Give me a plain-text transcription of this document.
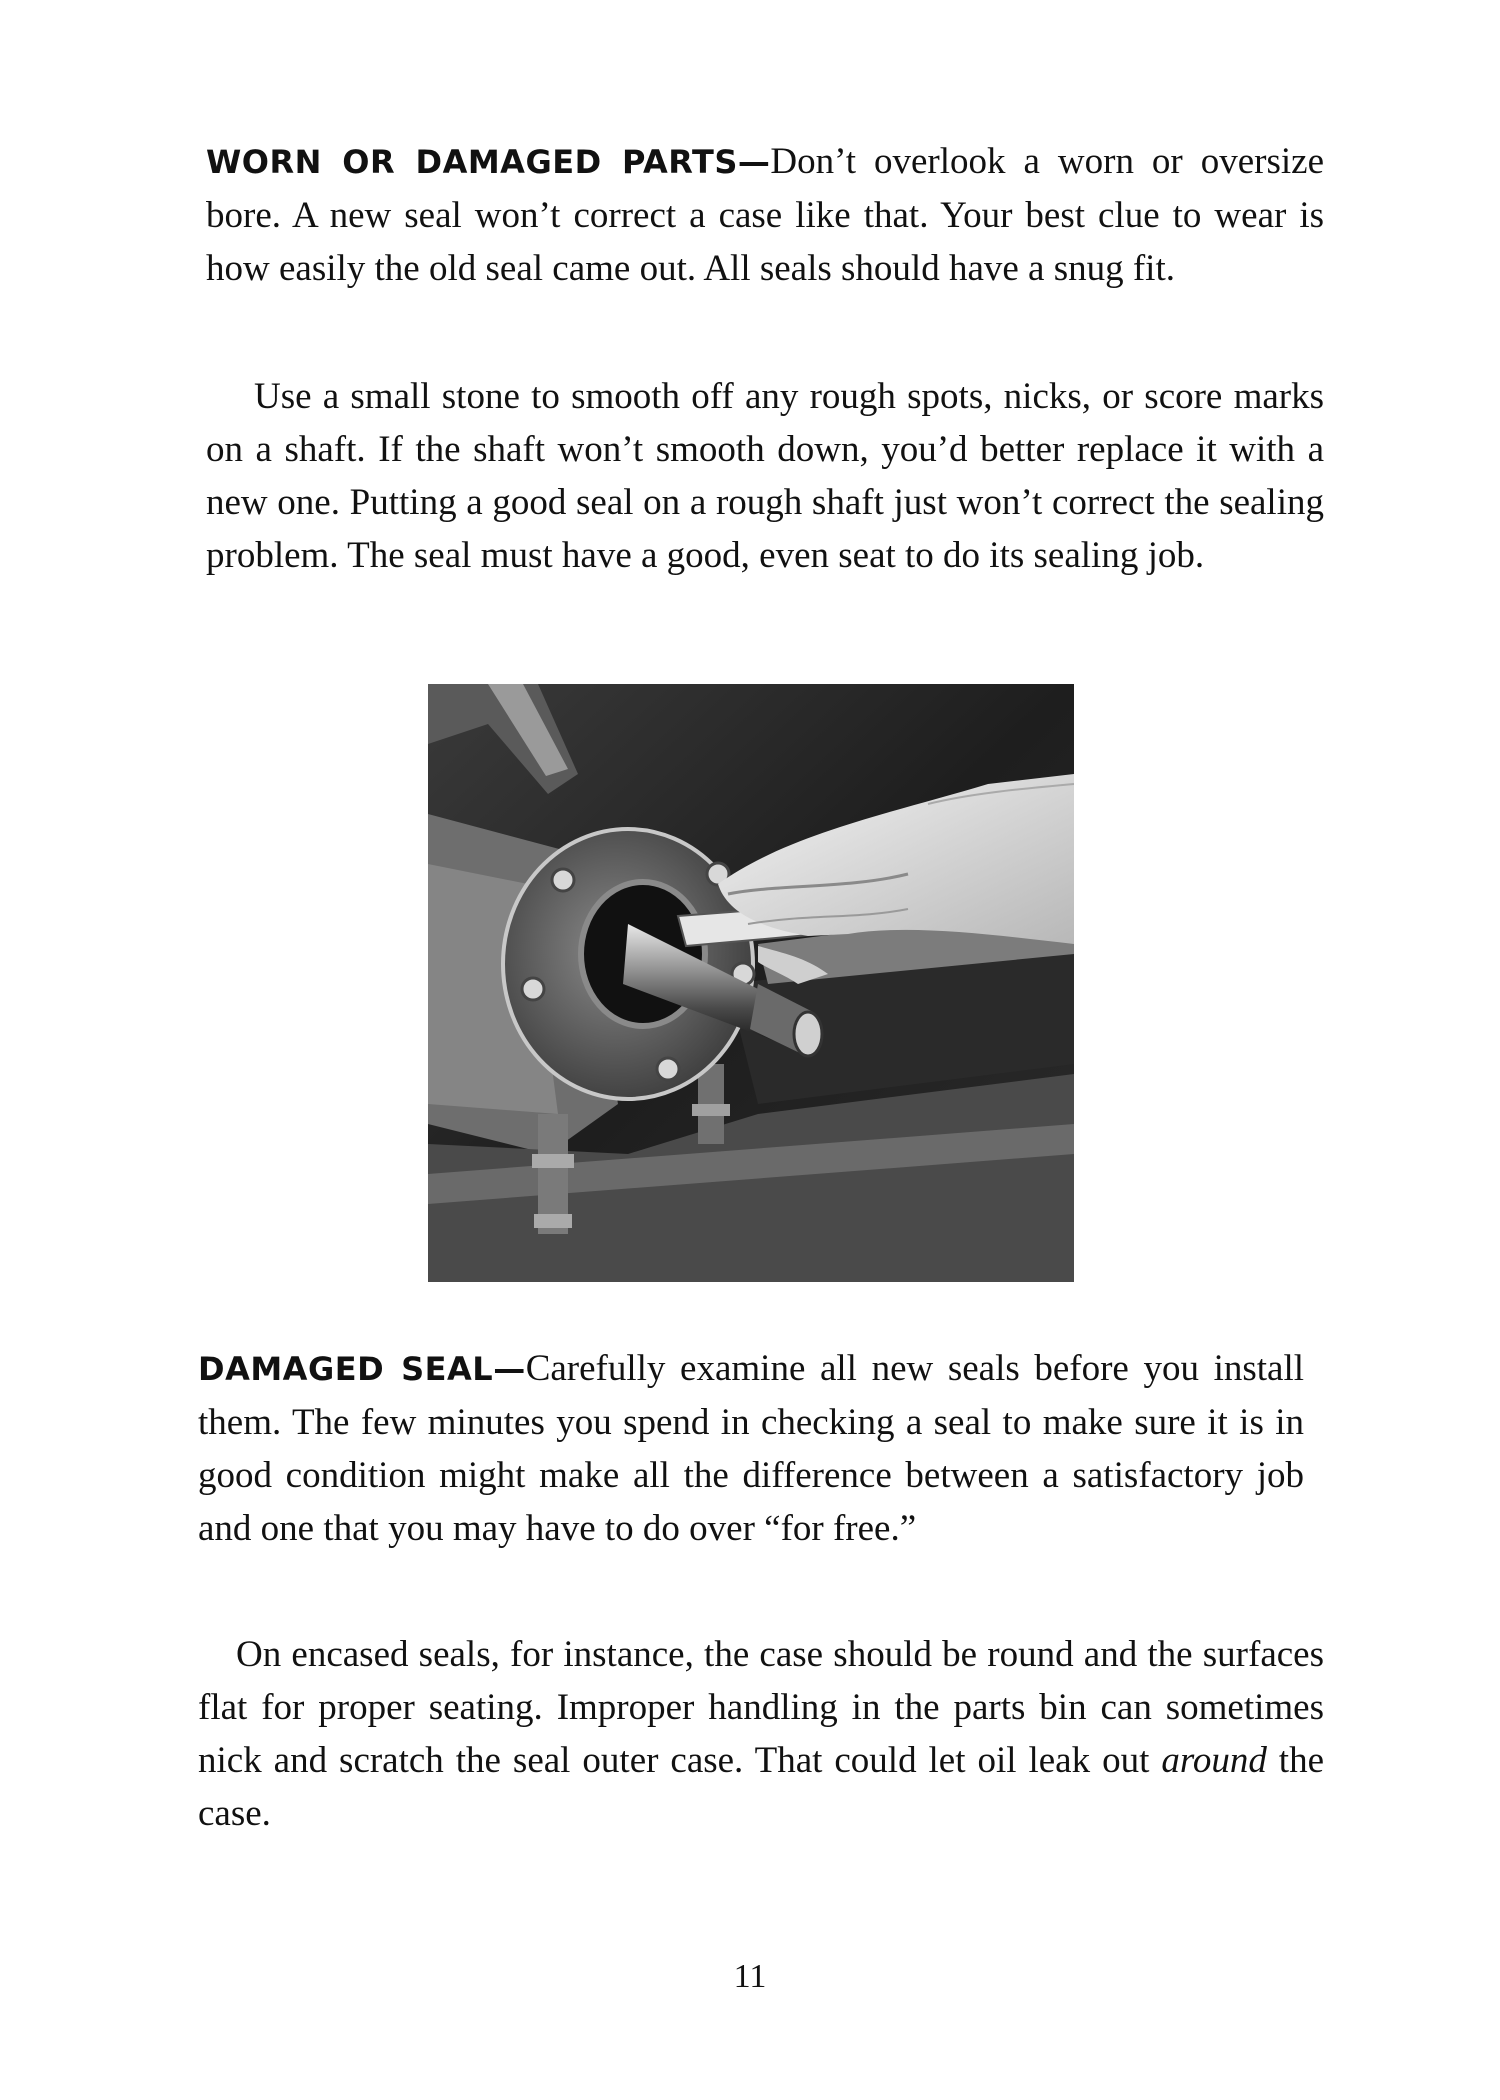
WORN OR DAMAGED PARTS—Don’t overlook a worn or oversize bore. A new seal won’t correct a case like that. Your best clue to wear is how easily the old seal came out. All seals should have a snug fit.

Use a small stone to smooth off any rough spots, nicks, or score marks on a shaft. If the shaft won’t smooth down, you’d better replace it with a new one. Putting a good seal on a rough shaft just won’t correct the sealing problem. The seal must have a good, even seat to do its sealing job.

DAMAGED SEAL—Carefully examine all new seals before you install them. The few minutes you spend in checking a seal to make sure it is in good condition might make all the difference between a satisfactory job and one that you may have to do over “for free.”

On encased seals, for instance, the case should be round and the surfaces flat for proper seating. Improper handling in the parts bin can sometimes nick and scratch the seal outer case. That could let oil leak out around the case.

11
